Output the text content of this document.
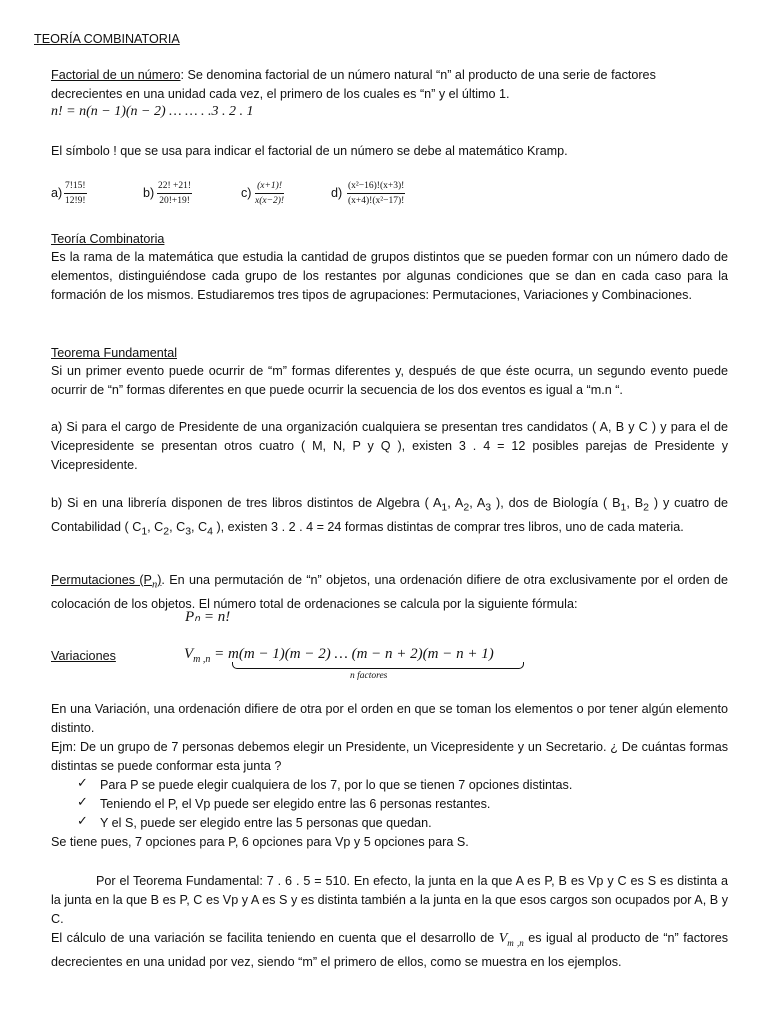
TEORÍA COMBINATORIA
Factorial de un número: Se denomina factorial de un número natural “n” al producto de una serie de factores
decrecientes en una unidad cada vez, el primero de los cuales es “n” y el último 1.
n! = n(n − 1)(n − 2) … … . .3 . 2 . 1
El símbolo ! que se usa para indicar el factorial de un número se debe al matemático Kramp.
$a) \frac{7!15!}{12!9!}$	$b) \frac{22! +21!}{20!+19!}$	$c) \frac{(x+1)!}{x(x-2)!}$	$d) \frac{\text{(x²−16)!(x+3)!}}{\text{(x+4)!(x²−17)!}}$
Teoría Combinatoria
Es la rama de la matemática que estudia la cantidad de grupos distintos que se pueden formar con un número dado de elementos, distinguiéndose cada grupo de los restantes por algunas condiciones que se dan en cada caso para la formación de los mismos. Estudiaremos tres tipos de agrupaciones: Permutaciones, Variaciones y Combinaciones.
Teorema Fundamental
Si un primer evento puede ocurrir de “m” formas diferentes y, después de que éste ocurra, un segundo evento puede ocurrir de “n” formas diferentes en que puede ocurrir la secuencia de los dos eventos es igual a “m.n “.
a) Si para el cargo de Presidente de una organización cualquiera se presentan tres candidatos ( A, B y C ) y para el de Vicepresidente se presentan otros cuatro ( M, N, P y Q ), existen 3 . 4 = 12 posibles parejas de Presidente y Vicepresidente.
b) Si en una librería disponen de tres libros distintos de Algebra ( $A_1$, $A_2$, $A_3$ ), dos de Biología ( $B_1$, $B_2$ ) y cuatro de Contabilidad ( $C_1$, $C_2$, $C_3$, $C_4$ ), existen 3 . 2 . 4 = 24 formas distintas de comprar tres libros, uno de cada materia.
Permutaciones $(P_n)$. En una permutación de “n” objetos, una ordenación difiere de otra exclusivamente por el orden de colocación de los objetos. El número total de ordenaciones se calcula por la siguiente fórmula:
Pₙ = n!
Variaciones	$V_{m ,n} = m(m - 1)(m - 2)$ … (m − n + 2)(m − n + 1)
n factores
En una Variación, una ordenación difiere de otra por el orden en que se toman los elementos o por tener algún elemento distinto.
Ejm: De un grupo de 7 personas debemos elegir un Presidente, un Vicepresidente y un Secretario. ¿ De cuántas formas distintas se puede conformar esta junta ?
✓ Para P se puede elegir cualquiera de los 7, por lo que se tienen 7 opciones distintas.
✓ Teniendo el P, el Vp puede ser elegido entre las 6 personas restantes.
✓ Y el S, puede ser elegido entre las 5 personas que quedan.
Se tiene pues, 7 opciones para P, 6 opciones para Vp y 5 opciones para S.
Por el Teorema Fundamental: 7 . 6 . 5 = 510. En efecto, la junta en la que A es P, B es Vp y C es S es distinta a la junta en la que B es P, C es Vp y A es S y es distinta también a la junta en la que esos cargos son ocupados por A, B y C.
El cálculo de una variación se facilita teniendo en cuenta que el desarrollo de $V_{m ,n}$ es igual al producto de “n” factores decrecientes en una unidad por vez, siendo “m” el primero de ellos, como se muestra en los ejemplos.
